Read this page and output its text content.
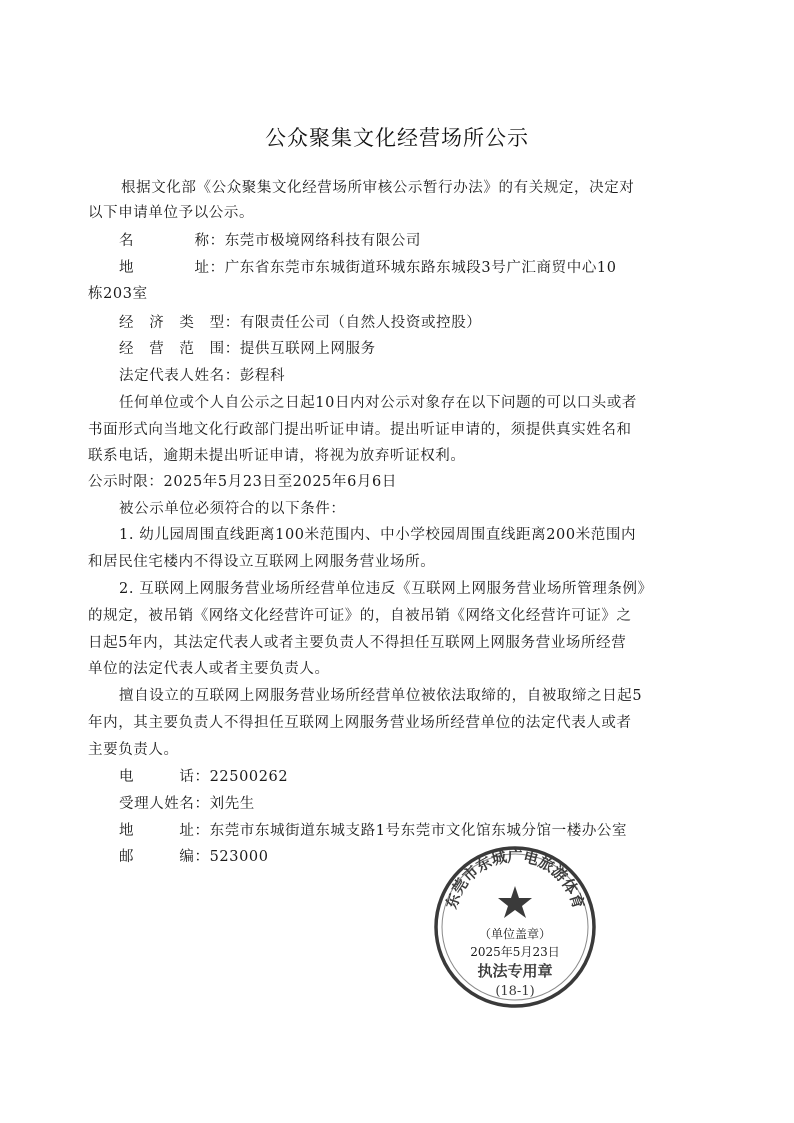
公众聚集文化经营场所公示
根据文化部《公众聚集文化经营场所审核公示暂行办法》的有关规定，决定对
以下申请单位予以公示。
名　　　　称：东莞市极境网络科技有限公司
地　　　　址：广东省东莞市东城街道环城东路东城段3号广汇商贸中心10
栋203室
经　济　类　型：有限责任公司（自然人投资或控股）
经　营　范　围：提供互联网上网服务
法定代表人姓名：彭程科
任何单位或个人自公示之日起10日内对公示对象存在以下问题的可以口头或者
书面形式向当地文化行政部门提出听证申请。提出听证申请的，须提供真实姓名和
联系电话，逾期未提出听证申请，将视为放弃听证权利。
公示时限：2025年5月23日至2025年6月6日
被公示单位必须符合的以下条件：
1. 幼儿园周围直线距离100米范围内、中小学校园周围直线距离200米范围内
和居民住宅楼内不得设立互联网上网服务营业场所。
2. 互联网上网服务营业场所经营单位违反《互联网上网服务营业场所管理条例》
的规定，被吊销《网络文化经营许可证》的，自被吊销《网络文化经营许可证》之
日起5年内，其法定代表人或者主要负责人不得担任互联网上网服务营业场所经营
单位的法定代表人或者主要负责人。
擅自设立的互联网上网服务营业场所经营单位被依法取缔的，自被取缔之日起5
年内，其主要负责人不得担任互联网上网服务营业场所经营单位的法定代表人或者
主要负责人。
电　　　话：22500262
受理人姓名：刘先生
地　　　址：东莞市东城街道东城支路1号东莞市文化馆东城分馆一楼办公室
邮　　　编：523000
东莞市东城广电旅游体育
（单位盖章）
2025年5月23日
执法专用章
(18-1)
